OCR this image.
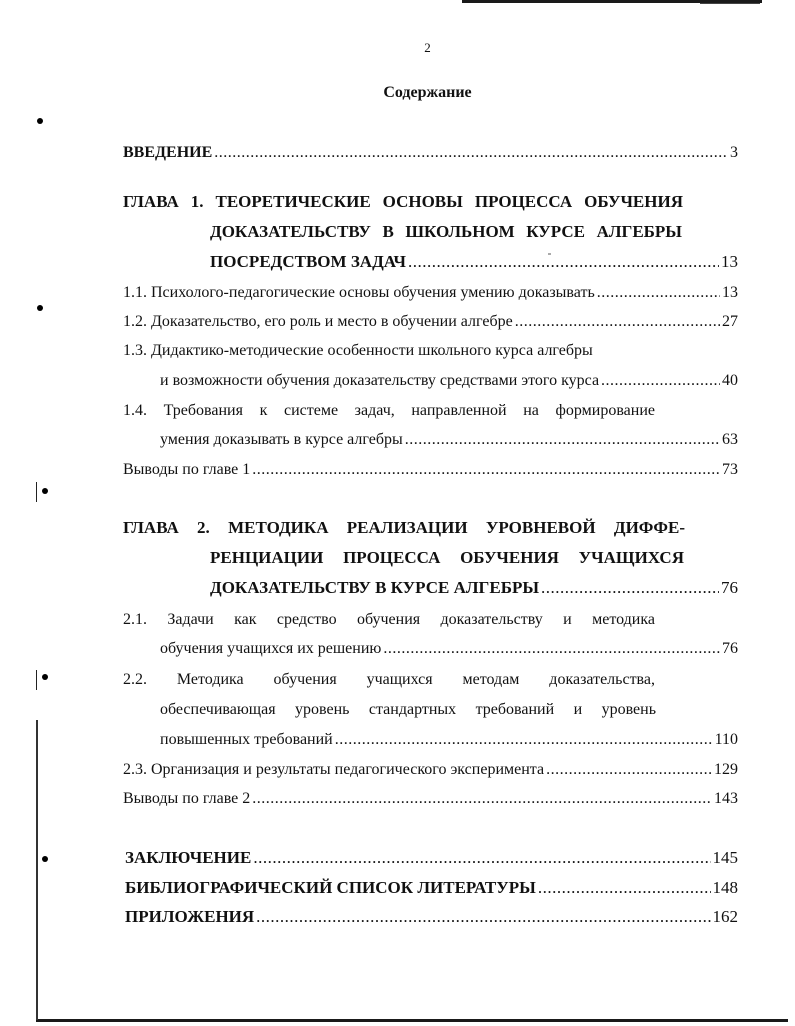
2
Содержание
ВВЕДЕНИЕ .....	3
ГЛАВА 1. ТЕОРЕТИЧЕСКИЕ ОСНОВЫ ПРОЦЕССА ОБУЧЕНИЯ
ДОКАЗАТЕЛЬСТВУ В ШКОЛЬНОМ КУРСЕ АЛГЕБРЫ
ПОСРЕДСТВОМ ЗАДАЧ .....	13
1.1. Психолого-педагогические основы обучения умению доказывать .....	13
1.2. Доказательство, его роль и место в обучении алгебре .....	27
1.3. Дидактико-методические особенности школьного курса алгебры
и возможности обучения доказательству средствами этого курса .....	40
1.4. Требования к системе задач, направленной на формирование
умения доказывать в курсе алгебры .....	63
Выводы по главе 1 .....	73
ГЛАВА 2. МЕТОДИКА РЕАЛИЗАЦИИ УРОВНЕВОЙ ДИФФЕ-
РЕНЦИАЦИИ ПРОЦЕССА ОБУЧЕНИЯ УЧАЩИХСЯ
ДОКАЗАТЕЛЬСТВУ В КУРСЕ АЛГЕБРЫ .....	76
2.1. Задачи как средство обучения доказательству и методика
обучения учащихся их решению .....	76
2.2. Методика обучения учащихся методам доказательства,
обеспечивающая уровень стандартных требований и уровень
повышенных требований .....	110
2.3. Организация и результаты педагогического эксперимента .....	129
Выводы по главе 2 .....	143
ЗАКЛЮЧЕНИЕ .....	145
БИБЛИОГРАФИЧЕСКИЙ СПИСОК ЛИТЕРАТУРЫ .....	148
ПРИЛОЖЕНИЯ .....	162
